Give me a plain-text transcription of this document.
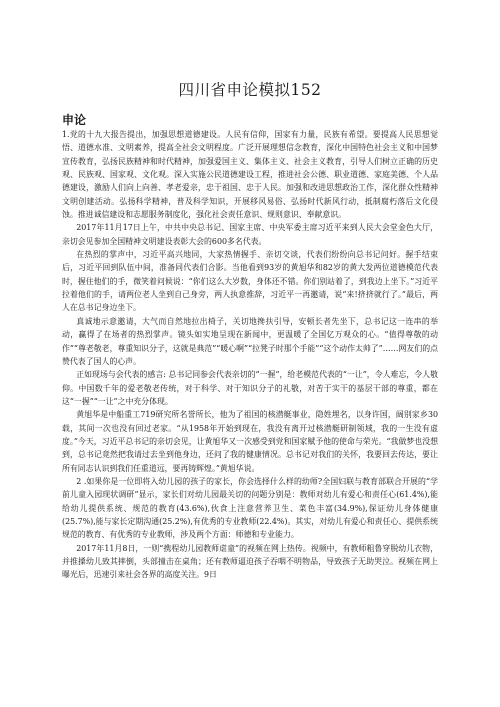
四川省申论模拟152
申论

1.党的十九大报告提出，加强思想道德建设。人民有信仰，国家有力量，民族有希望。要提高人民思想觉悟、道德水准、文明素养，提高全社会文明程度。广泛开展理想信念教育，深化中国特色社会主义和中国梦宣传教育，弘扬民族精神和时代精神，加强爱国主义、集体主义、社会主义教育，引导人们树立正确的历史观、民族观、国家观、文化观。深入实施公民道德建设工程，推进社会公德、职业道德、家庭美德、个人品德建设，激励人们向上向善、孝老爱亲，忠于祖国、忠于人民。加强和改进思想政治工作，深化群众性精神文明创建活动。弘扬科学精神，普及科学知识，开展移风易俗、弘扬时代新风行动，抵制腐朽落后文化侵蚀。推进诚信建设和志愿服务制度化，强化社会责任意识、规则意识、奉献意识。

2017年11月17日上午，中共中央总书记、国家主席、中央军委主席习近平来到人民大会堂金色大厅，亲切会见参加全国精神文明建设表彰大会的600多名代表。

在热烈的掌声中，习近平高兴地同，大家热情握手、亲切交谈，代表们纷纷向总书记问好。握手结束后，习近平回到队伍中间，准备同代表们合影。当他看到93岁的黄旭华和82岁的黄大发两位道德模范代表时，握住他们的手，微笑着问候说：“你们这么大岁数，身体还不错。你们别站着了，到我边上坐下。”习近平拉着他们的手，请两位老人坐到自己身旁，两人执意推辞，习近平一再邀请，说“来!挤挤就行了。”最后，两人在总书记身边坐下。

真诚地示意邀请，大气而自然地拉出椅子，关切地搀扶引导，安顿长者先坐下，总书记这一连串的举动，赢得了在场者的热烈掌声。镜头如实地呈现在新闻中，更温暖了全国亿万观众的心。“值得尊敬的动作”“尊老敬老，尊重知识分子，这就是典范”“暖心啊”“拉凳子时那个手能”“这个动作太帅了”……网友们的点赞代表了国人的心声。

正如现场与会代表的感言: 总书记同参会代表亲切的“一握”，给老模范代表的“一让”，令人难忘，令人敬仰。中国数千年的爱老敬老传统，对于科学、对于知识分子的礼敬，对苦于实干的基层干部的尊重，都在这“一握”“一让”之中充分体现。

黄旭华是中船重工719研究所名誉所长，他为了祖国的核潜艇事业，隐姓埋名，以身许国，阔别家乡30载，其间一次也没有回过老家。“从1958年开始到现在，我没有离开过核潜艇研制领域，我的一生没有虚度。”今天，习近平总书记的亲切会见，让黄旭华又一次感受到党和国家赋予他的使命与荣光。“我做梦也没想到，总书记竟然把我请过去坐到他身边，还问了我的健康情况。总书记对我们的关怀，我要回去传达，要让所有同志认识到我们任重道远，要再铸辉煌。”黄旭华说。

2 .如果你是一位即将入幼儿园的孩子的家长，你会选择什么样的幼师?全国妇联与教育部联合开展的“学前儿童入园现状调研”显示，家长们对幼儿园最关切的问题分别是：教师对幼儿有爱心和责任心(61.4%),能给幼儿提供系统、规范的教育(43.6%),伙食上注意营养卫生、菜色丰富(34.9%),保证幼儿身体健康(25.7%),能与家长定期沟通(25.2%),有优秀的专业教师(22.4%)。其实，对幼儿有爱心和责任心、提供系统规范的教育、有优秀的专业教师，涉及两个方面：师德和专业能力。

2017年11月8日，一则“携程幼儿园教师虐童”的视频在网上热传。视频中，有教师粗鲁穿脱幼儿衣物，并推搡幼儿致其摔倒，头部撞击在桌角；还有教师逼迫孩子吞咽不明物品，导致孩子无助哭泣。视频在网上曝光后，迅速引来社会各界的高度关注。9日
